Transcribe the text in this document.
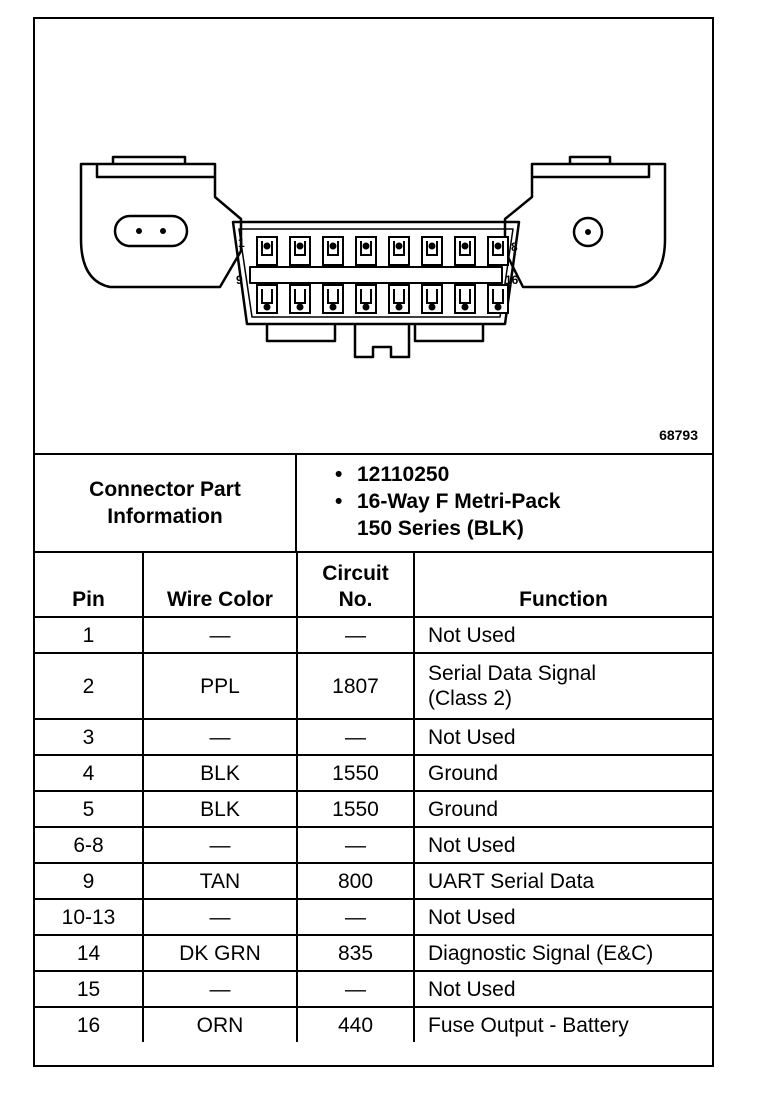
1	8
9	16
68793
Connector Part Information
• 12110250
• 16-Way F Metri-Pack
150 Series (BLK)
Pin	Wire Color	Circuit No.	Function
1	—	—	Not Used
2	PPL	1807	Serial Data Signal
(Class 2)
3	—	—	Not Used
4	BLK	1550	Ground
5	BLK	1550	Ground
6-8	—	—	Not Used
9	TAN	800	UART Serial Data
10-13	—	—	Not Used
14	DK GRN	835	Diagnostic Signal (E&C)
15	—	—	Not Used
16	ORN	440	Fuse Output - Battery
